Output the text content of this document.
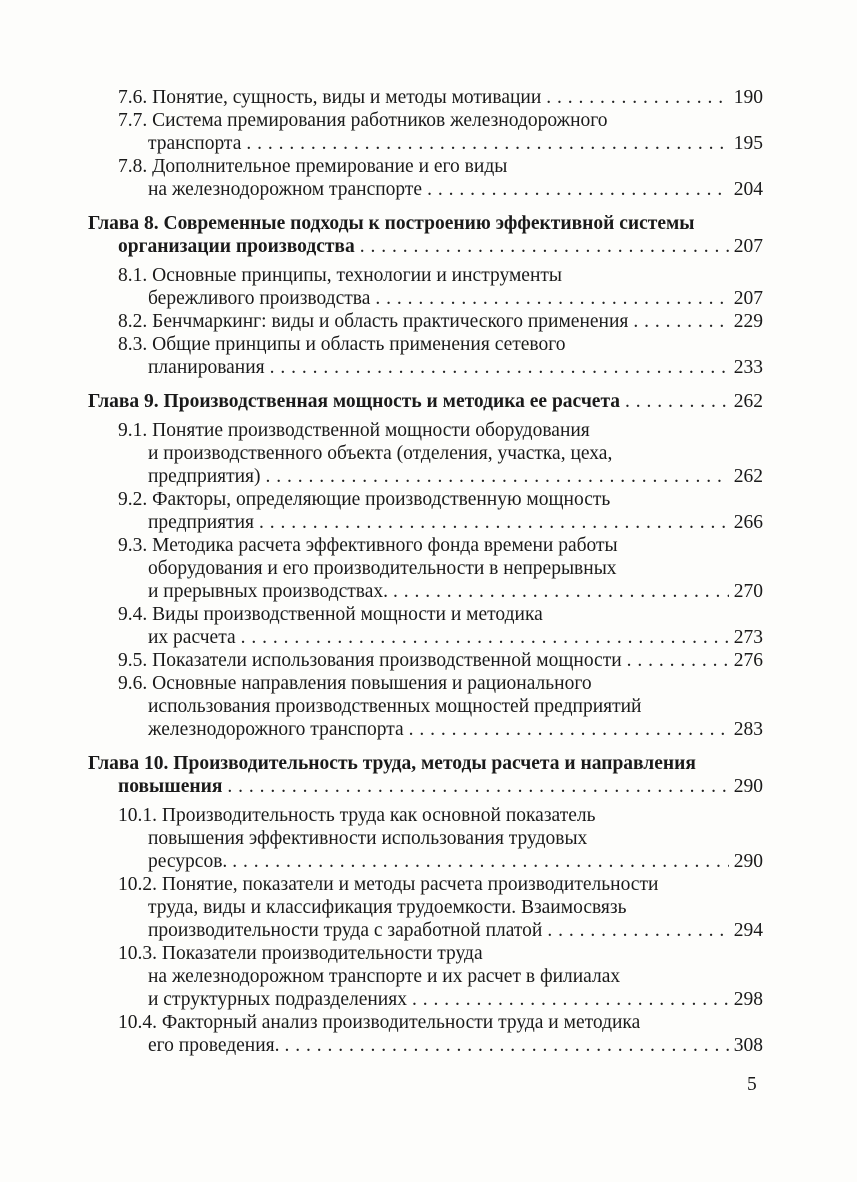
7.6. Понятие, сущность, виды и методы мотивации . . .	190
7.7. Система премирования работников железнодорожного
транспорта . . .	195
7.8. Дополнительное премирование и его виды
на железнодорожном транспорте . . .	204
Глава 8. Современные подходы к построению эффективной системы
организации производства . . .	207
8.1. Основные принципы, технологии и инструменты
бережливого производства . . .	207
8.2. Бенчмаркинг: виды и область практического применения . . .	229
8.3. Общие принципы и область применения сетевого
планирования . . .	233
Глава 9. Производственная мощность и методика ее расчета . . .	262
9.1. Понятие производственной мощности оборудования
и производственного объекта (отделения, участка, цеха,
предприятия) . . .	262
9.2. Факторы, определяющие производственную мощность
предприятия . . .	266
9.3. Методика расчета эффективного фонда времени работы
оборудования и его производительности в непрерывных
и прерывных производствах. . . .	270
9.4. Виды производственной мощности и методика
их расчета . . .	273
9.5. Показатели использования производственной мощности . . .	276
9.6. Основные направления повышения и рационального
использования производственных мощностей предприятий
железнодорожного транспорта . . .	283
Глава 10. Производительность труда, методы расчета и направления
повышения . . .	290
10.1. Производительность труда как основной показатель
повышения эффективности использования трудовых
ресурсов. . . .	290
10.2. Понятие, показатели и методы расчета производительности
труда, виды и классификация трудоемкости. Взаимосвязь
производительности труда с заработной платой . . .	294
10.3. Показатели производительности труда
на железнодорожном транспорте и их расчет в филиалах
и структурных подразделениях . . .	298
10.4. Факторный анализ производительности труда и методика
его проведения. . . .	308
5
